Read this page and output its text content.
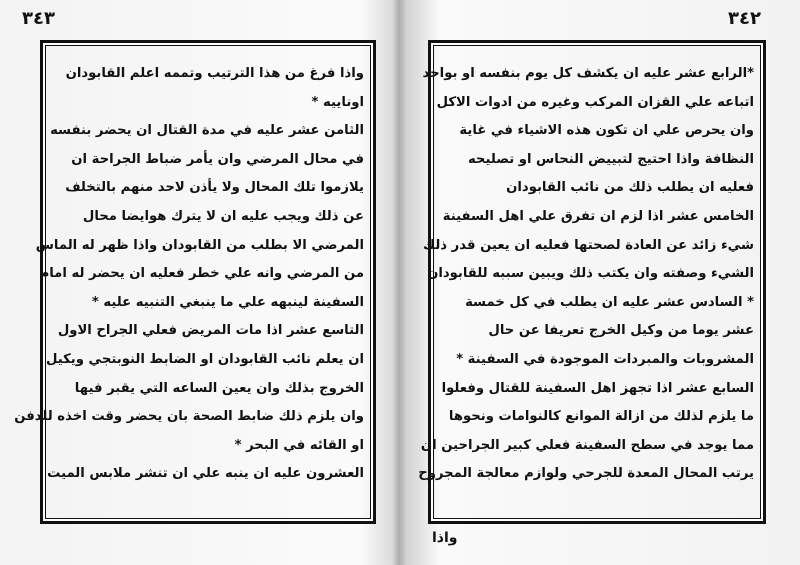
٣٤٣
واذا فرغ من هذا الترتيب وتممه اعلم القابودان
اوناييه *
الثامن عشر عليه في مدة القتال ان يحضر بنفسه
في محال المرضي وان يأمر ضباط الجراحة ان
يلازموا تلك المحال ولا يأذن لاحد منهم بالتخلف
عن ذلك ويجب عليه ان لا يترك هوايضا محال
المرضي الا بطلب من القابودان واذا ظهر له الماس
من المرضي وانه علي خطر فعليه ان يحضر له امام
السفينة لينبهه علي ما ينبغي التنبيه عليه *
التاسع عشر اذا مات المريض فعلي الجراح الاول
ان يعلم نائب القابودان او الضابط النوبتجي ويكيل
الخروج بذلك وان يعين الساعه التي يقبر فيها
وان يلزم ذلك ضابط الصحة بان يحضر وقت اخذه للدفن
او القائه في البحر *
العشرون عليه ان ينبه علي ان تنشر ملابس الميت
٣٤٢
*الرابع عشر عليه ان يكشف كل يوم بنفسه او بواحد
اتباعه علي القزان المركب وغيره من ادوات الاكل
وان يحرص علي ان تكون هذه الاشياء في غاية
النظافة واذا احتيج لتبييض النحاس او تصليحه
فعليه ان يطلب ذلك من نائب القابودان
الخامس عشر اذا لزم ان تفرق علي اهل السفينة
شيء زائد عن العادة لصحتها فعليه ان يعين قدر ذلك
الشيء وصفته وان يكتب ذلك ويبين سببه للقابودان
* السادس عشر عليه ان يطلب في كل خمسة
عشر يوما من وكيل الخرج تعريفا عن حال
المشروبات والمبردات الموجودة في السفينة *
السابع عشر اذا تجهز اهل السفينة للقتال وفعلوا
ما يلزم لذلك من ازالة الموانع كالنوامات ونحوها
مما يوجد في سطح السفينة فعلي كبير الجراحين ان
يرتب المحال المعدة للجرحي ولوازم معالجة المجروح
واذا
